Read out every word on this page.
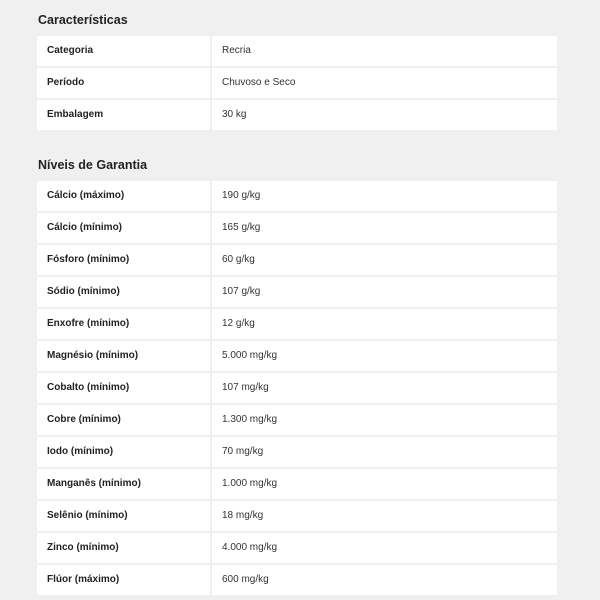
Características
Categoria	Recria
Período	Chuvoso e Seco
Embalagem	30 kg
Níveis de Garantia
Cálcio (máximo)	190 g/kg
Cálcio (mínimo)	165 g/kg
Fósforo (mínimo)	60 g/kg
Sódio (mínimo)	107 g/kg
Enxofre (mínimo)	12 g/kg
Magnésio (mínimo)	5.000 mg/kg
Cobalto (mínimo)	107 mg/kg
Cobre (mínimo)	1.300 mg/kg
Iodo (mínimo)	70 mg/kg
Manganês (mínimo)	1.000 mg/kg
Selênio (mínimo)	18 mg/kg
Zinco (mínimo)	4.000 mg/kg
Flúor (máximo)	600 mg/kg
